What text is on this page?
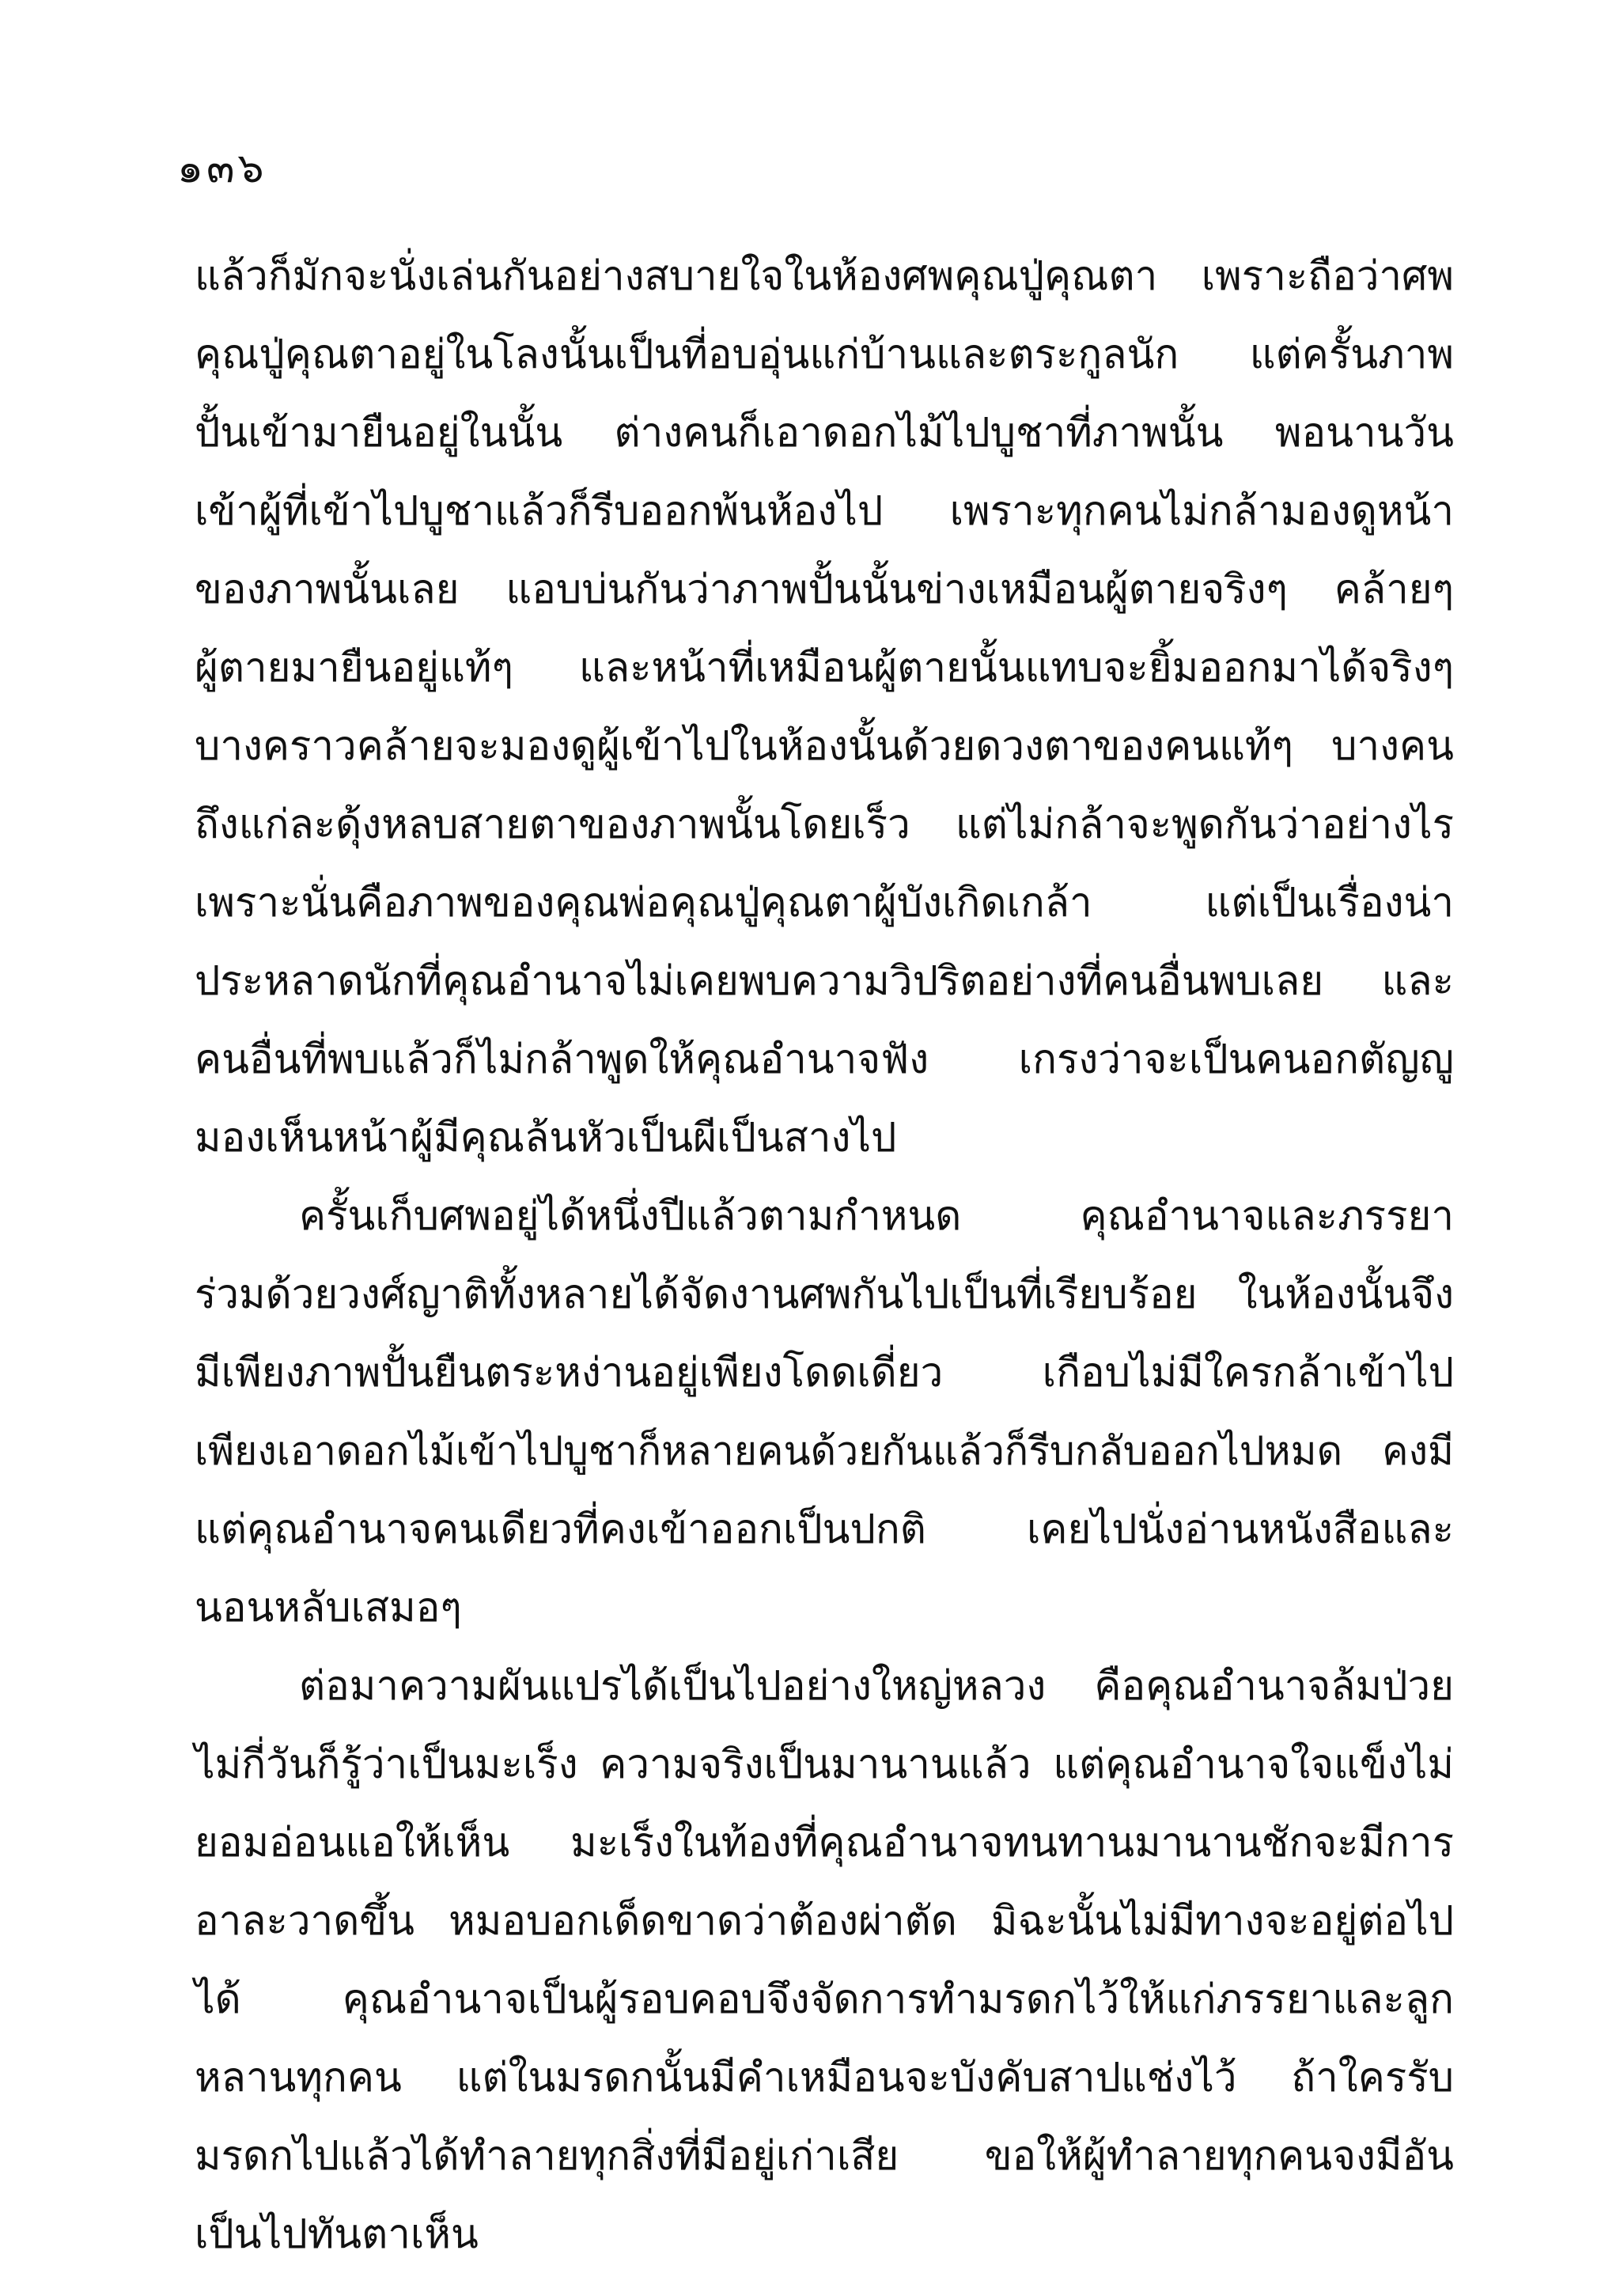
๑๓๖
แล้วก็มักจะนั่งเล่นกันอย่างสบายใจในห้องศพคุณปู่คุณตา เพราะถือว่าศพ
คุณปู่คุณตาอยู่ในโลงนั้นเป็นที่อบอุ่นแก่บ้านและตระกูลนัก แต่ครั้นภาพ
ปั้นเข้ามายืนอยู่ในนั้น ต่างคนก็เอาดอกไม้ไปบูชาที่ภาพนั้น พอนานวัน
เข้าผู้ที่เข้าไปบูชาแล้วก็รีบออกพ้นห้องไป เพราะทุกคนไม่กล้ามองดูหน้า
ของภาพนั้นเลย แอบบ่นกันว่าภาพปั้นนั้นข่างเหมือนผู้ตายจริงๆ คล้ายๆ
ผู้ตายมายืนอยู่แท้ๆ และหน้าที่เหมือนผู้ตายนั้นแทบจะยิ้มออกมาได้จริงๆ
บางคราวคล้ายจะมองดูผู้เข้าไปในห้องนั้นด้วยดวงตาของคนแท้ๆ บางคน
ถึงแก่ละดุ้งหลบสายตาของภาพนั้นโดยเร็ว แต่ไม่กล้าจะพูดกันว่าอย่างไร
เพราะนั่นคือภาพของคุณพ่อคุณปู่คุณตาผู้บังเกิดเกล้า	แต่เป็นเรื่องน่า
ประหลาดนักที่คุณอำนาจไม่เคยพบความวิปริตอย่างที่คนอื่นพบเลย และ
คนอื่นที่พบแล้วก็ไม่กล้าพูดให้คุณอำนาจฟัง เกรงว่าจะเป็นคนอกตัญญู
มองเห็นหน้าผู้มีคุณล้นหัวเป็นผีเป็นสางไป
ครั้นเก็บศพอยู่ได้หนึ่งปีแล้วตามกำหนด	คุณอำนาจและภรรยา
ร่วมด้วยวงศ์ญาติทั้งหลายได้จัดงานศพกันไปเป็นที่เรียบร้อย ในห้องนั้นจึง
มีเพียงภาพปั้นยืนตระหง่านอยู่เพียงโดดเดี่ยว เกือบไม่มีใครกล้าเข้าไป
เพียงเอาดอกไม้เข้าไปบูชาก็หลายคนด้วยกันแล้วก็รีบกลับออกไปหมด คงมี
แต่คุณอำนาจคนเดียวที่คงเข้าออกเป็นปกติ เคยไปนั่งอ่านหนังสือและ
นอนหลับเสมอๆ
ต่อมาความผันแปรได้เป็นไปอย่างใหญ่หลวง คือคุณอำนาจล้มป่วย
ไม่กี่วันก็รู้ว่าเป็นมะเร็ง ความจริงเป็นมานานแล้ว แต่คุณอำนาจใจแข็งไม่
ยอมอ่อนแอให้เห็น มะเร็งในท้องที่คุณอำนาจทนทานมานานชักจะมีการ
อาละวาดขึ้น หมอบอกเด็ดขาดว่าต้องผ่าตัด มิฉะนั้นไม่มีทางจะอยู่ต่อไป
ได้	คุณอำนาจเป็นผู้รอบคอบจึงจัดการทำมรดกไว้ให้แก่ภรรยาและลูก
หลานทุกคน แต่ในมรดกนั้นมีคำเหมือนจะบังคับสาปแช่งไว้ ถ้าใครรับ
มรดกไปแล้วได้ทำลายทุกสิ่งที่มีอยู่เก่าเสีย ขอให้ผู้ทำลายทุกคนจงมีอัน
เป็นไปทันตาเห็น
